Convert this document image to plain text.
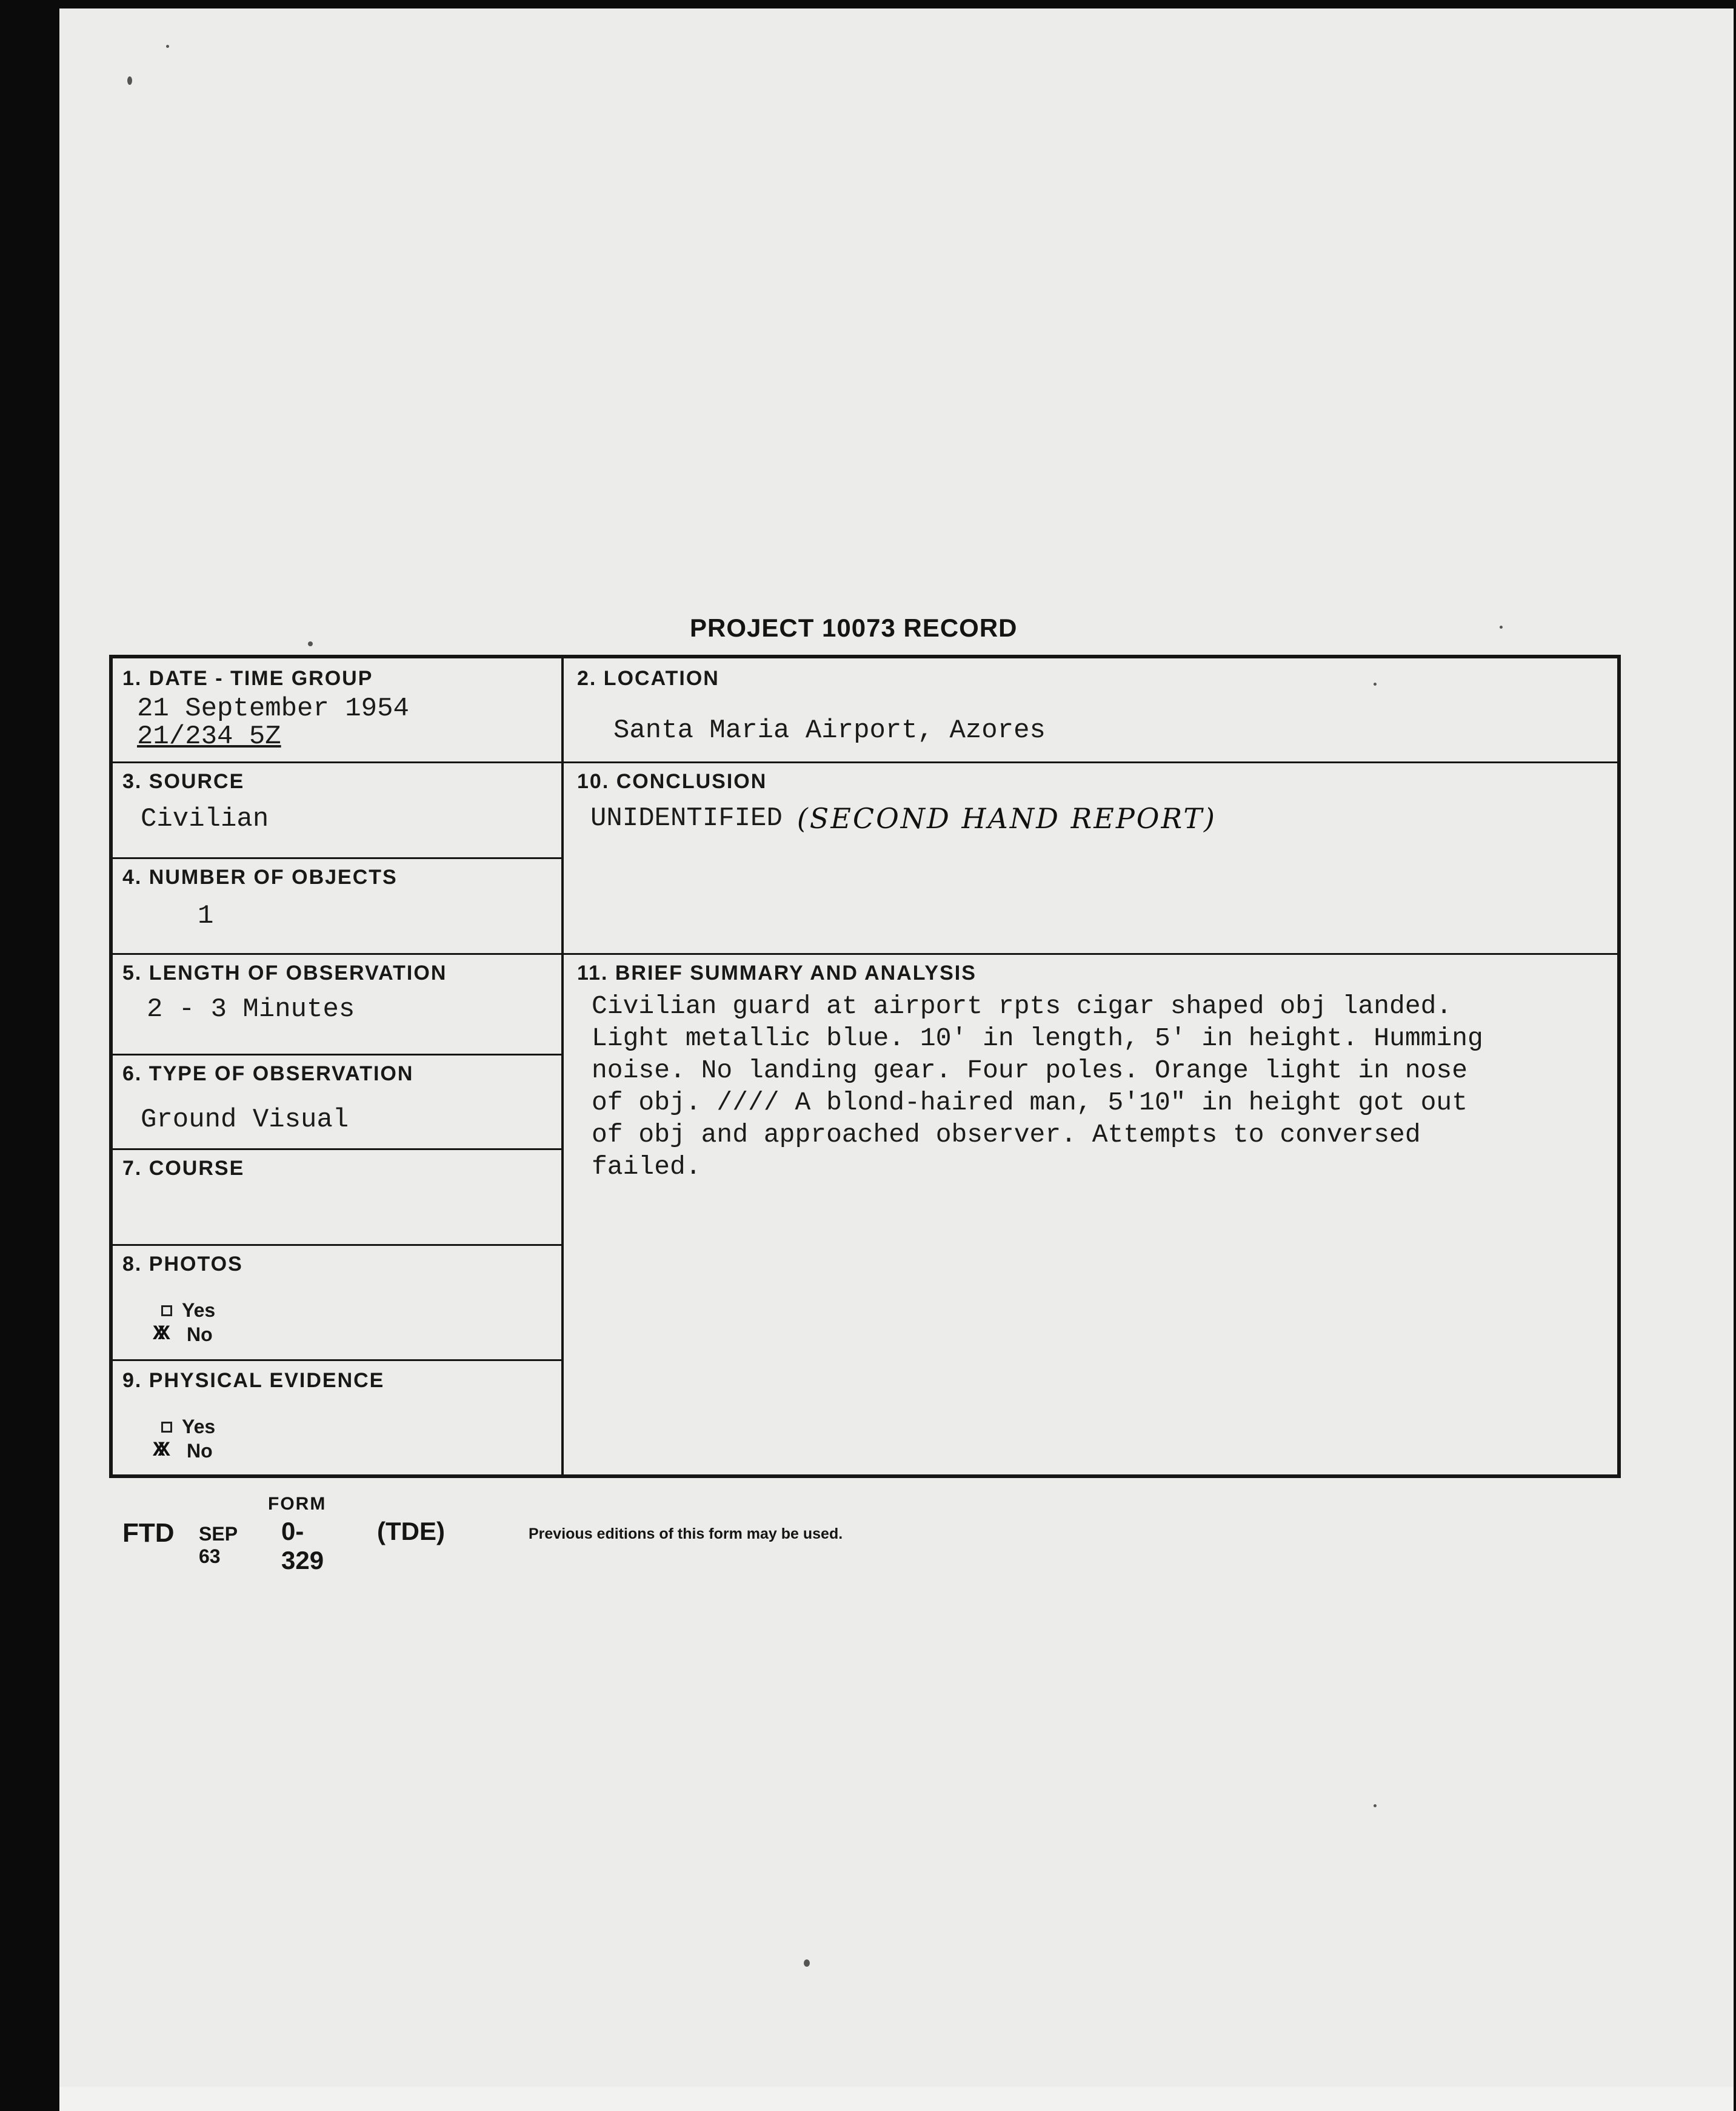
PROJECT 10073 RECORD
1. DATE - TIME GROUP
21 September 1954
21/234 5Z
2. LOCATION
Santa Maria Airport, Azores
3. SOURCE
Civilian
10. CONCLUSION
UNIDENTIFIED (SECOND HAND REPORT)
4. NUMBER OF OBJECTS
1
5. LENGTH OF OBSERVATION
2 - 3 Minutes
11. BRIEF SUMMARY AND ANALYSIS
Civilian guard at airport rpts cigar shaped obj landed.
Light metallic blue. 10' in length, 5' in height. Humming
noise. No landing gear. Four poles. Orange light in nose
of obj. //// A blond-haired man, 5'10" in height got out
of obj and approached observer. Attempts to conversed
failed.
6. TYPE OF OBSERVATION
Ground Visual
7. COURSE
8. PHOTOS
Yes
XX	No
9. PHYSICAL EVIDENCE
Yes
XX	No
FORM
FTD SEP 63
0-329
(TDE)	Previous editions of this form may be used.
